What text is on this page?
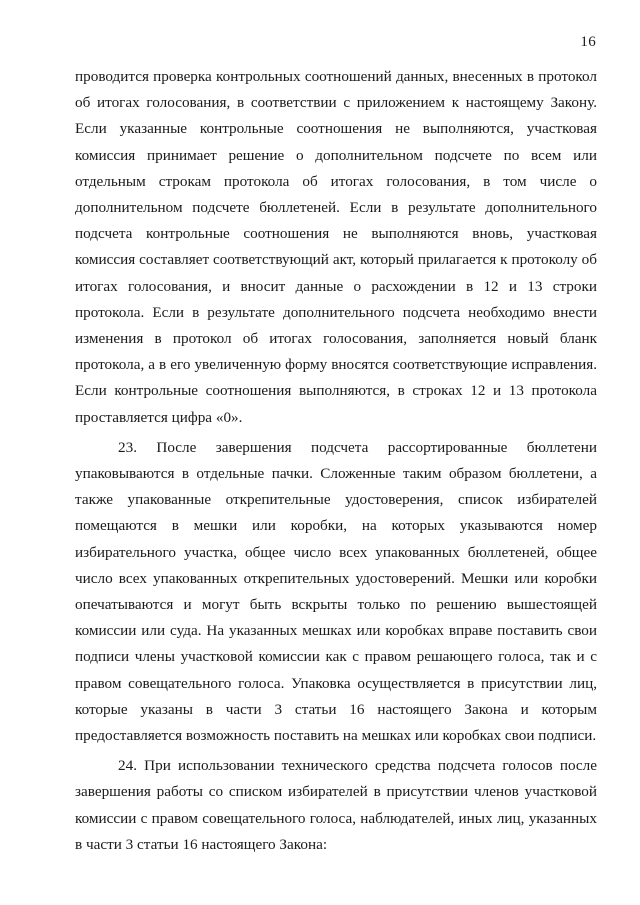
16

проводится проверка контрольных соотношений данных, внесенных в протокол об итогах голосования, в соответствии с приложением к настоящему Закону. Если указанные контрольные соотношения не выполняются, участковая комиссия принимает решение о дополнительном подсчете по всем или отдельным строкам протокола об итогах голосования, в том числе о дополнительном подсчете бюллетеней. Если в результате дополнительного подсчета контрольные соотношения не выполняются вновь, участковая комиссия составляет соответствующий акт, который прилагается к протоколу об итогах голосования, и вносит данные о расхождении в 12 и 13 строки протокола. Если в результате дополнительного подсчета необходимо внести изменения в протокол об итогах голосования, заполняется новый бланк протокола, а в его увеличенную форму вносятся соответствующие исправления. Если контрольные соотношения выполняются, в строках 12 и 13 протокола проставляется цифра «0».

23. После завершения подсчета рассортированные бюллетени упаковываются в отдельные пачки. Сложенные таким образом бюллетени, а также упакованные открепительные удостоверения, список избирателей помещаются в мешки или коробки, на которых указываются номер избирательного участка, общее число всех упакованных бюллетеней, общее число всех упакованных открепительных удостоверений. Мешки или коробки опечатываются и могут быть вскрыты только по решению вышестоящей комиссии или суда. На указанных мешках или коробках вправе поставить свои подписи члены участковой комиссии как с правом решающего голоса, так и с правом совещательного голоса. Упаковка осуществляется в присутствии лиц, которые указаны в части 3 статьи 16 настоящего Закона и которым предоставляется возможность поставить на мешках или коробках свои подписи.

24. При использовании технического средства подсчета голосов после завершения работы со списком избирателей в присутствии членов участковой комиссии с правом совещательного голоса, наблюдателей, иных лиц, указанных в части 3 статьи 16 настоящего Закона:
